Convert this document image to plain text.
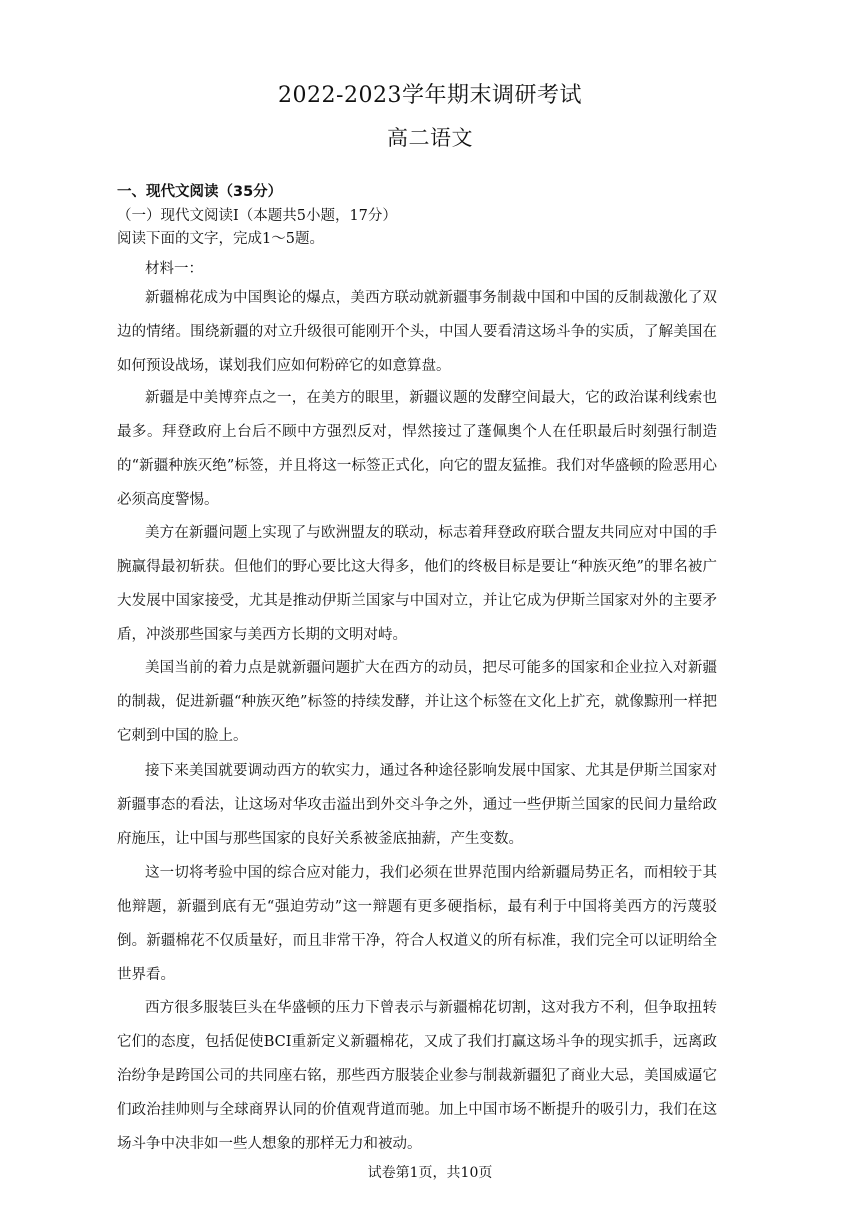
2022-2023学年期末调研考试
高二语文
一、现代文阅读（35分）
（一）现代文阅读Ⅰ（本题共5小题，17分）
阅读下面的文字，完成1～5题。
材料一：
新疆棉花成为中国舆论的爆点，美西方联动就新疆事务制裁中国和中国的反制裁激化了双边的情绪。围绕新疆的对立升级很可能刚开个头，中国人要看清这场斗争的实质，了解美国在如何预设战场，谋划我们应如何粉碎它的如意算盘。
新疆是中美博弈点之一，在美方的眼里，新疆议题的发酵空间最大，它的政治谋利线索也最多。拜登政府上台后不顾中方强烈反对，悍然接过了蓬佩奥个人在任职最后时刻强行制造的“新疆种族灭绝”标签，并且将这一标签正式化，向它的盟友猛推。我们对华盛顿的险恶用心必须高度警惕。
美方在新疆问题上实现了与欧洲盟友的联动，标志着拜登政府联合盟友共同应对中国的手腕赢得最初斩获。但他们的野心要比这大得多，他们的终极目标是要让“种族灭绝”的罪名被广大发展中国家接受，尤其是推动伊斯兰国家与中国对立，并让它成为伊斯兰国家对外的主要矛盾，冲淡那些国家与美西方长期的文明对峙。
美国当前的着力点是就新疆问题扩大在西方的动员，把尽可能多的国家和企业拉入对新疆的制裁，促进新疆“种族灭绝”标签的持续发酵，并让这个标签在文化上扩充，就像黥刑一样把它刺到中国的脸上。
接下来美国就要调动西方的软实力，通过各种途径影响发展中国家、尤其是伊斯兰国家对新疆事态的看法，让这场对华攻击溢出到外交斗争之外，通过一些伊斯兰国家的民间力量给政府施压，让中国与那些国家的良好关系被釜底抽薪，产生变数。
这一切将考验中国的综合应对能力，我们必须在世界范围内给新疆局势正名，而相较于其他辩题，新疆到底有无“强迫劳动”这一辩题有更多硬指标，最有利于中国将美西方的污蔑驳倒。新疆棉花不仅质量好，而且非常干净，符合人权道义的所有标准，我们完全可以证明给全世界看。
西方很多服装巨头在华盛顿的压力下曾表示与新疆棉花切割，这对我方不利，但争取扭转它们的态度，包括促使BCI重新定义新疆棉花，又成了我们打赢这场斗争的现实抓手，远离政治纷争是跨国公司的共同座右铭，那些西方服装企业参与制裁新疆犯了商业大忌，美国威逼它们政治挂帅则与全球商界认同的价值观背道而驰。加上中国市场不断提升的吸引力，我们在这场斗争中决非如一些人想象的那样无力和被动。
试卷第1页，共10页
